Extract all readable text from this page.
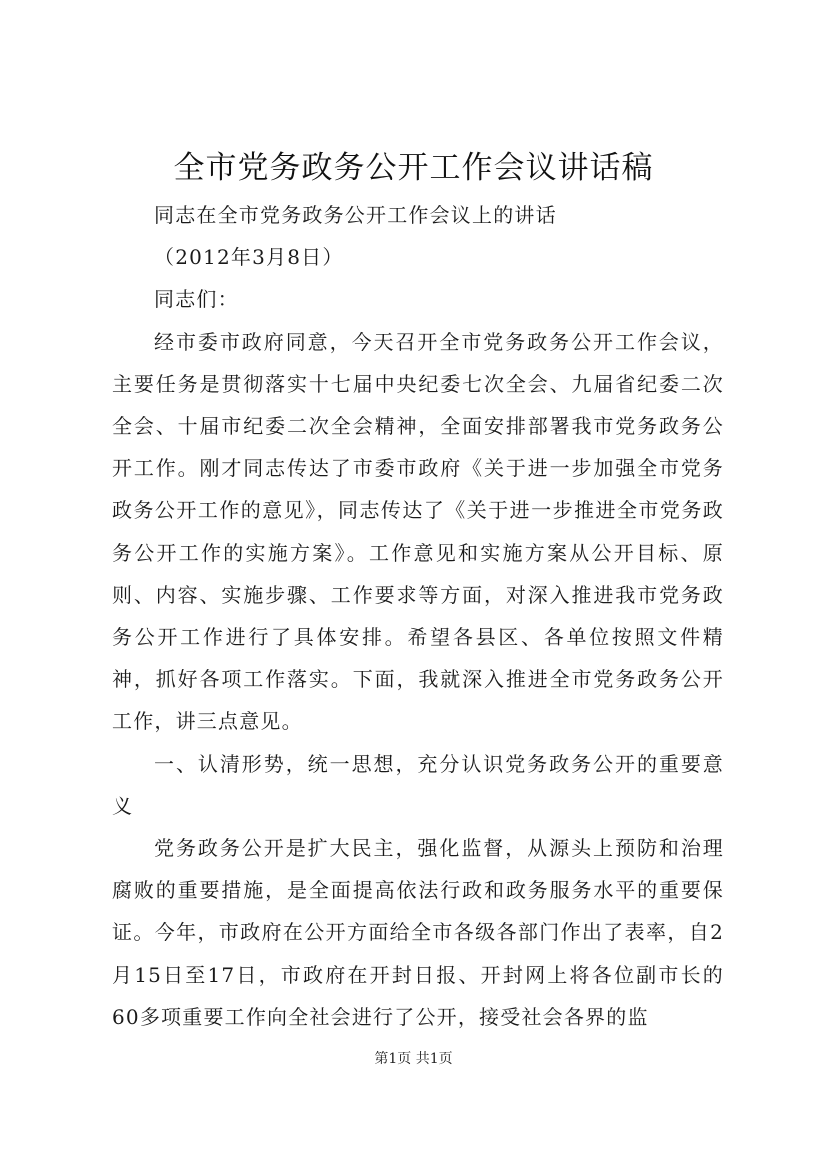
全市党务政务公开工作会议讲话稿

同志在全市党务政务公开工作会议上的讲话

（2012年3月8日）

同志们：

经市委市政府同意，今天召开全市党务政务公开工作会议，主要任务是贯彻落实十七届中央纪委七次全会、九届省纪委二次全会、十届市纪委二次全会精神，全面安排部署我市党务政务公开工作。刚才同志传达了市委市政府《关于进一步加强全市党务政务公开工作的意见》，同志传达了《关于进一步推进全市党务政务公开工作的实施方案》。工作意见和实施方案从公开目标、原则、内容、实施步骤、工作要求等方面，对深入推进我市党务政务公开工作进行了具体安排。希望各县区、各单位按照文件精神，抓好各项工作落实。下面，我就深入推进全市党务政务公开工作，讲三点意见。

一、认清形势，统一思想，充分认识党务政务公开的重要意义

党务政务公开是扩大民主，强化监督，从源头上预防和治理腐败的重要措施，是全面提高依法行政和政务服务水平的重要保证。今年，市政府在公开方面给全市各级各部门作出了表率，自2月15日至17日，市政府在开封日报、开封网上将各位副市长的60多项重要工作向全社会进行了公开，接受社会各界的监

第1页 共1页
